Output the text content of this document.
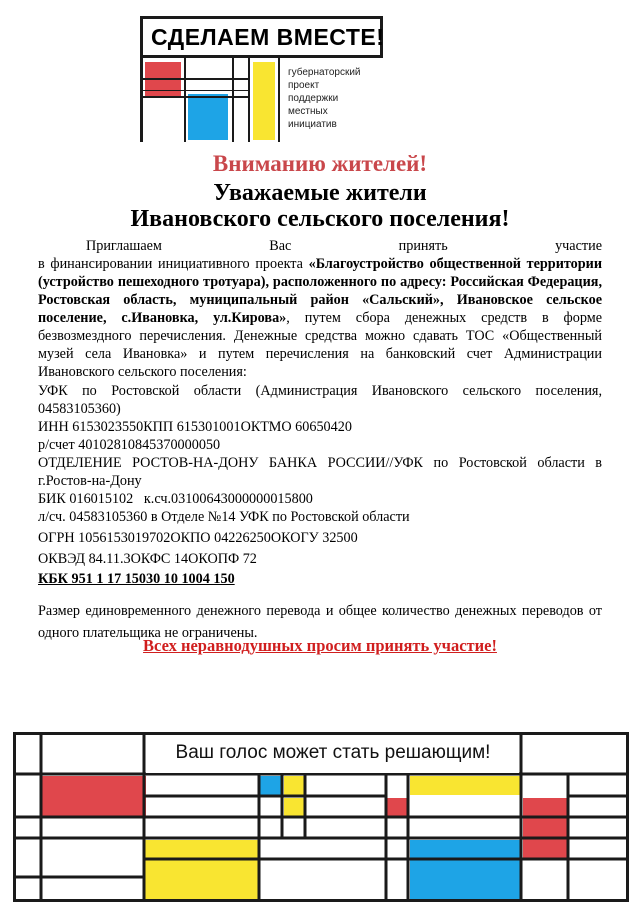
СДЕЛАЕМ ВМЕСТЕ!
губернаторский
проект
поддержки
местных
инициатив
Вниманию жителей!
Уважаемые жители
Ивановского сельского поселения!
Приглашаем	Вас	принять	участие
в финансировании инициативного проекта «Благоустройство общественной территории (устройство пешеходного тротуара), расположенного по адресу: Российская Федерация, Ростовская область, муниципальный район «Сальский», Ивановское сельское поселение, с.Ивановка, ул.Кирова», путем сбора денежных средств в форме безвозмездного перечисления. Денежные средства можно сдавать ТОС «Общественный музей села Ивановка» и путем перечисления на банковский счет Администрации Ивановского сельского поселения:
УФК по Ростовской области (Администрация Ивановского сельского поселения, 04583105360)
ИНН 6153023550КПП 615301001ОКТМО 60650420
р/счет 40102810845370000050
ОТДЕЛЕНИЕ РОСТОВ-НА-ДОНУ БАНКА РОССИИ//УФК по Ростовской области в г.Ростов-на-Дону
БИК 016015102   к.сч.03100643000000015800
л/сч. 04583105360 в Отделе №14 УФК по Ростовской области
ОГРН 1056153019702ОКПО 04226250ОКОГУ 32500
ОКВЭД 84.11.3ОКФС 14ОКОПФ 72
КБК 951 1 17 15030 10 1004 150
Размер единовременного денежного перевода и общее количество денежных переводов от одного плательщика не ограничены.
Всех неравнодушных просим принять участие!
Ваш голос может стать решающим!
